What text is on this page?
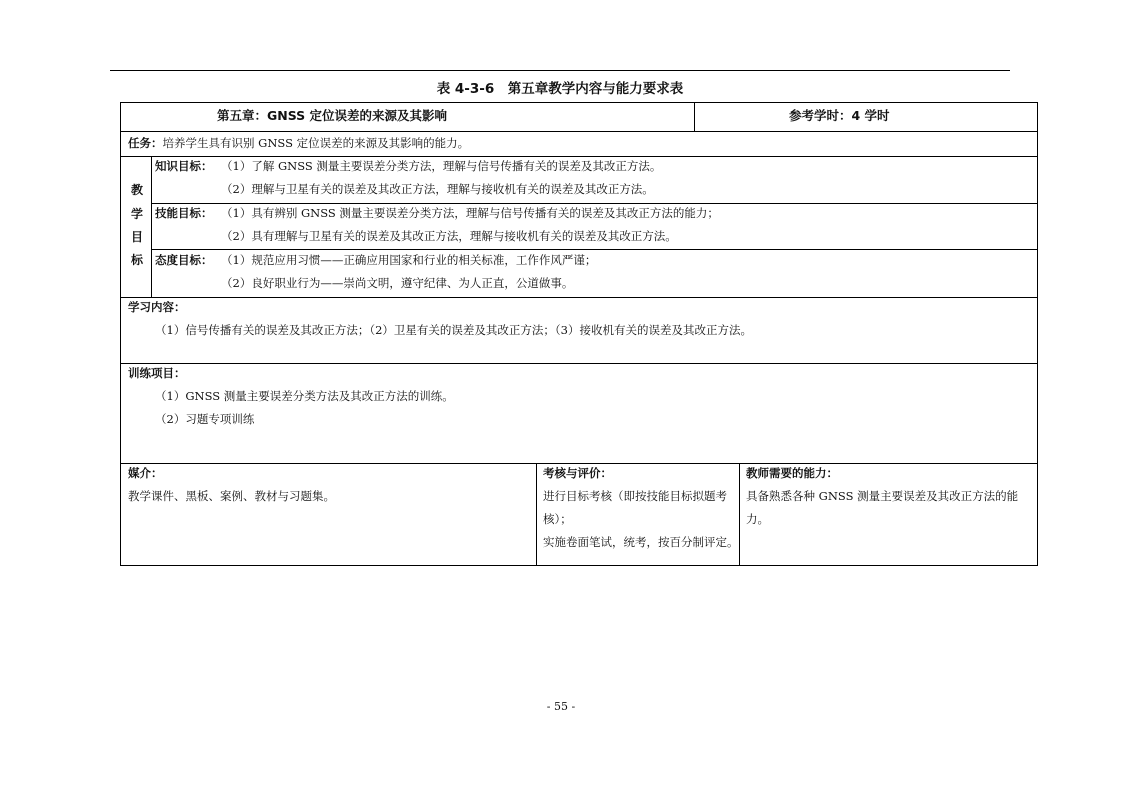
表 4-3-6　第五章教学内容与能力要求表
第五章：GNSS 定位误差的来源及其影响	参考学时：4 学时
任务：培养学生具有识别 GNSS 定位误差的来源及其影响的能力。
教
学
目
标
知识目标： （1）了解 GNSS 测量主要误差分类方法，理解与信号传播有关的误差及其改正方法。
（2）理解与卫星有关的误差及其改正方法，理解与接收机有关的误差及其改正方法。
技能目标： （1）具有辨别 GNSS 测量主要误差分类方法，理解与信号传播有关的误差及其改正方法的能力；
（2）具有理解与卫星有关的误差及其改正方法，理解与接收机有关的误差及其改正方法。
态度目标： （1）规范应用习惯——正确应用国家和行业的相关标准，工作作风严谨；
（2）良好职业行为——崇尚文明，遵守纪律、为人正直，公道做事。
学习内容：
（1）信号传播有关的误差及其改正方法；（2）卫星有关的误差及其改正方法；（3）接收机有关的误差及其改正方法。
训练项目：
（1）GNSS 测量主要误差分类方法及其改正方法的训练。
（2）习题专项训练
媒介：
教学课件、黑板、案例、教材与习题集。
考核与评价：
进行目标考核（即按技能目标拟题考
核）；
实施卷面笔试，统考，按百分制评定。
教师需要的能力：
具备熟悉各种 GNSS 测量主要误差及其改正方法的能
力。
- 55 -
